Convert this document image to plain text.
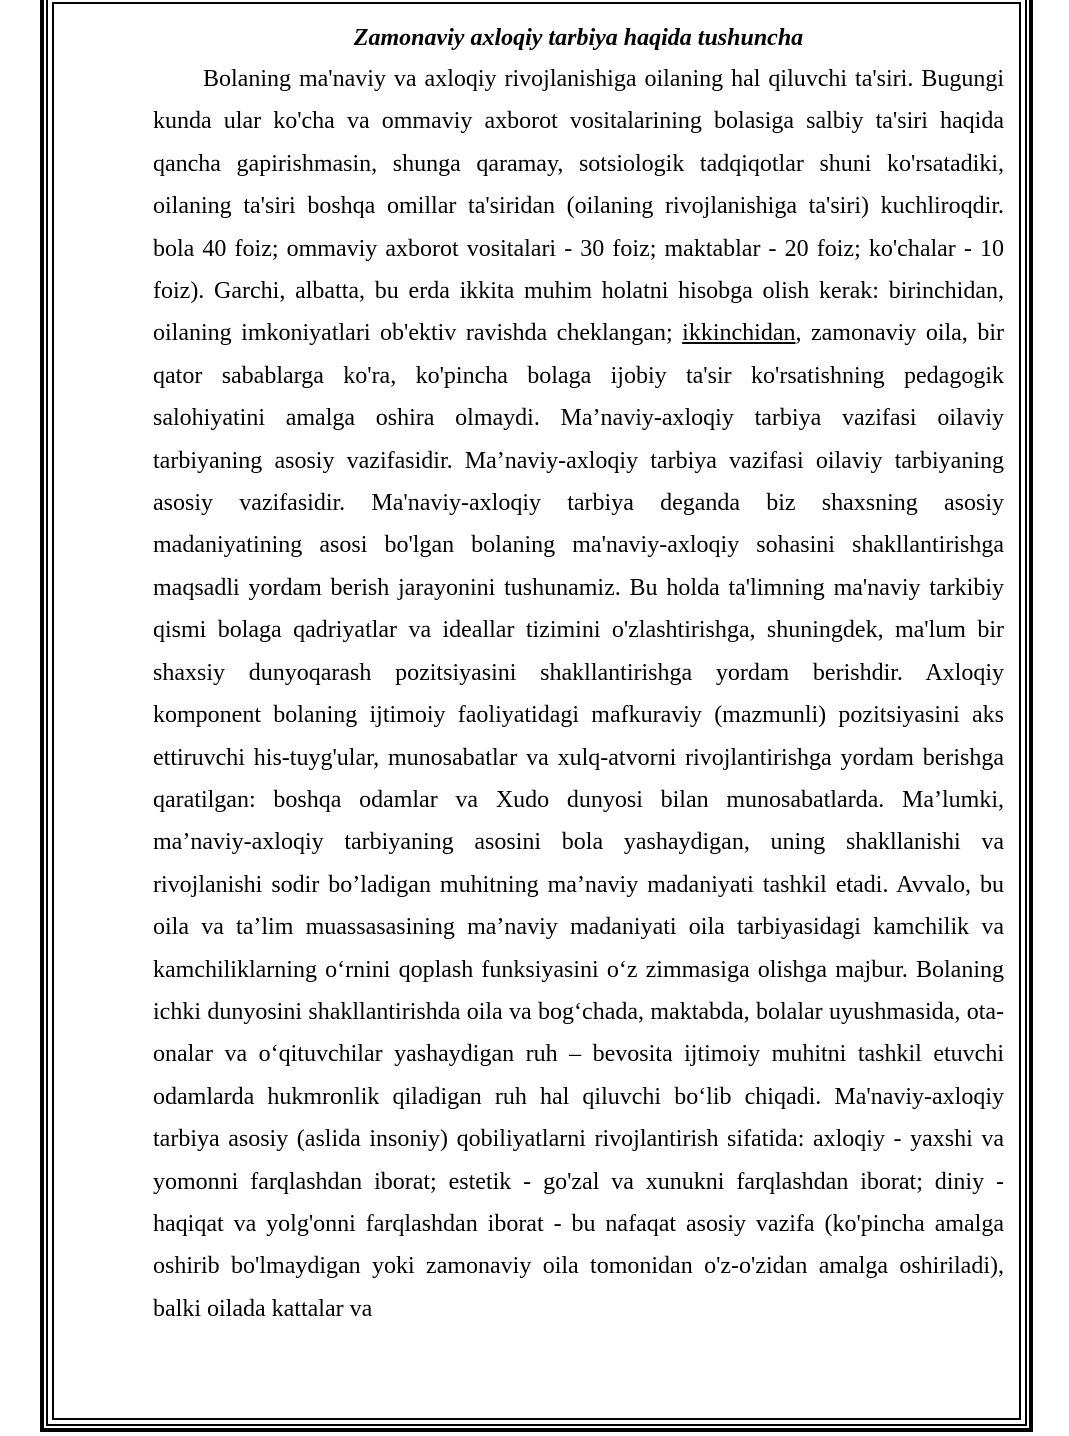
Zamonaviy axloqiy tarbiya haqida tushuncha

Bolaning ma'naviy va axloqiy rivojlanishiga oilaning hal qiluvchi ta'siri. Bugungi kunda ular ko'cha va ommaviy axborot vositalarining bolasiga salbiy ta'siri haqida qancha gapirishmasin, shunga qaramay, sotsiologik tadqiqotlar shuni ko'rsatadiki, oilaning ta'siri boshqa omillar ta'siridan (oilaning rivojlanishiga ta'siri) kuchliroqdir. bola 40 foiz; ommaviy axborot vositalari - 30 foiz; maktablar - 20 foiz; ko'chalar - 10 foiz). Garchi, albatta, bu erda ikkita muhim holatni hisobga olish kerak: birinchidan, oilaning imkoniyatlari ob'ektiv ravishda cheklangan; ikkinchidan, zamonaviy oila, bir qator sabablarga ko'ra, ko'pincha bolaga ijobiy ta'sir ko'rsatishning pedagogik salohiyatini amalga oshira olmaydi. Ma’naviy-axloqiy tarbiya vazifasi oilaviy tarbiyaning asosiy vazifasidir. Ma’naviy-axloqiy tarbiya vazifasi oilaviy tarbiyaning asosiy vazifasidir. Ma'naviy-axloqiy tarbiya deganda biz shaxsning asosiy madaniyatining asosi bo'lgan bolaning ma'naviy-axloqiy sohasini shakllantirishga maqsadli yordam berish jarayonini tushunamiz. Bu holda ta'limning ma'naviy tarkibiy qismi bolaga qadriyatlar va ideallar tizimini o'zlashtirishga, shuningdek, ma'lum bir shaxsiy dunyoqarash pozitsiyasini shakllantirishga yordam berishdir. Axloqiy komponent bolaning ijtimoiy faoliyatidagi mafkuraviy (mazmunli) pozitsiyasini aks ettiruvchi his-tuyg'ular, munosabatlar va xulq-atvorni rivojlantirishga yordam berishga qaratilgan: boshqa odamlar va Xudo dunyosi bilan munosabatlarda. Ma’lumki, ma’naviy-axloqiy tarbiyaning asosini bola yashaydigan, uning shakllanishi va rivojlanishi sodir bo’ladigan muhitning ma’naviy madaniyati tashkil etadi. Avvalo, bu oila va ta’lim muassasasining ma’naviy madaniyati oila tarbiyasidagi kamchilik va kamchiliklarning o‘rnini qoplash funksiyasini o‘z zimmasiga olishga majbur. Bolaning ichki dunyosini shakllantirishda oila va bog‘chada, maktabda, bolalar uyushmasida, ota-onalar va o‘qituvchilar yashaydigan ruh – bevosita ijtimoiy muhitni tashkil etuvchi odamlarda hukmronlik qiladigan ruh hal qiluvchi bo‘lib chiqadi. Ma'naviy-axloqiy tarbiya asosiy (aslida insoniy) qobiliyatlarni rivojlantirish sifatida: axloqiy - yaxshi va yomonni farqlashdan iborat; estetik - go'zal va xunukni farqlashdan iborat; diniy - haqiqat va yolg'onni farqlashdan iborat - bu nafaqat asosiy vazifa (ko'pincha amalga oshirib bo'lmaydigan yoki zamonaviy oila tomonidan o'z-o'zidan amalga oshiriladi), balki oilada kattalar va
